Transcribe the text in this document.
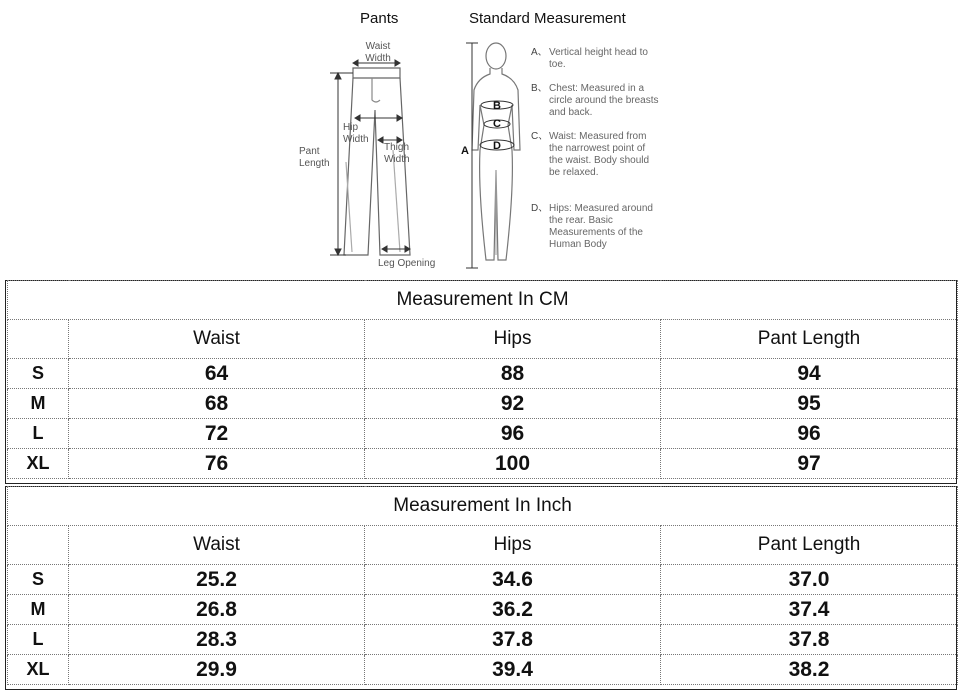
Pants	Standard Measurement
Waist Width
Hip Width
Thigh Width
Pant Length
Leg Opening
A
B
C
D
A、 Vertical height head to toe.
B、 Chest: Measured in a circle around the breasts and back.
C、 Waist: Measured from the narrowest point of the waist. Body should be relaxed.
D、 Hips: Measured around the rear. Basic Measurements of the Human Body
Measurement In CM			
	Waist	Hips	Pant Length
S	64	88	94
M	68	92	95
L	72	96	96
XL	76	100	97
Measurement In Inch			
	Waist	Hips	Pant Length
S	25.2	34.6	37.0
M	26.8	36.2	37.4
L	28.3	37.8	37.8
XL	29.9	39.4	38.2
